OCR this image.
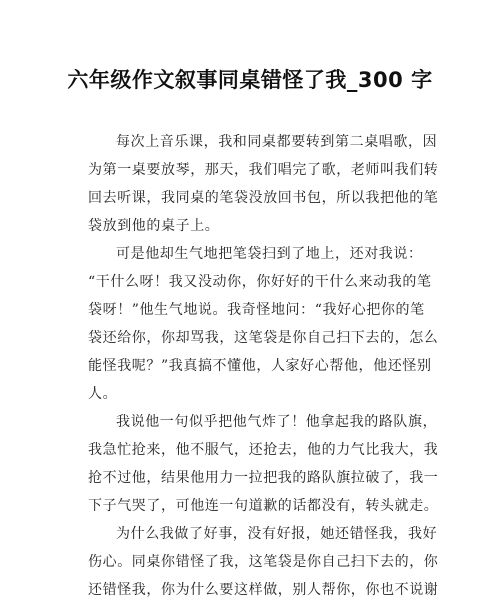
六年级作文叙事同桌错怪了我_300 字
每次上音乐课，我和同桌都要转到第二桌唱歌，因
为第一桌要放琴，那天，我们唱完了歌，老师叫我们转
回去听课，我同桌的笔袋没放回书包，所以我把他的笔
袋放到他的桌子上。
可是他却生气地把笔袋扫到了地上，还对我说：
“干什么呀！我又没动你，你好好的干什么来动我的笔
袋呀！”他生气地说。我奇怪地问：“我好心把你的笔
袋还给你，你却骂我，这笔袋是你自己扫下去的，怎么
能怪我呢？”我真搞不懂他，人家好心帮他，他还怪别
人。
我说他一句似乎把他气炸了！他拿起我的路队旗，
我急忙抢来，他不服气，还抢去，他的力气比我大，我
抢不过他，结果他用力一拉把我的路队旗拉破了，我一
下子气哭了，可他连一句道歉的话都没有，转头就走。
为什么我做了好事，没有好报，她还错怪我，我好
伤心。同桌你错怪了我，这笔袋是你自己扫下去的，你
还错怪我，你为什么要这样做，别人帮你，你也不说谢
